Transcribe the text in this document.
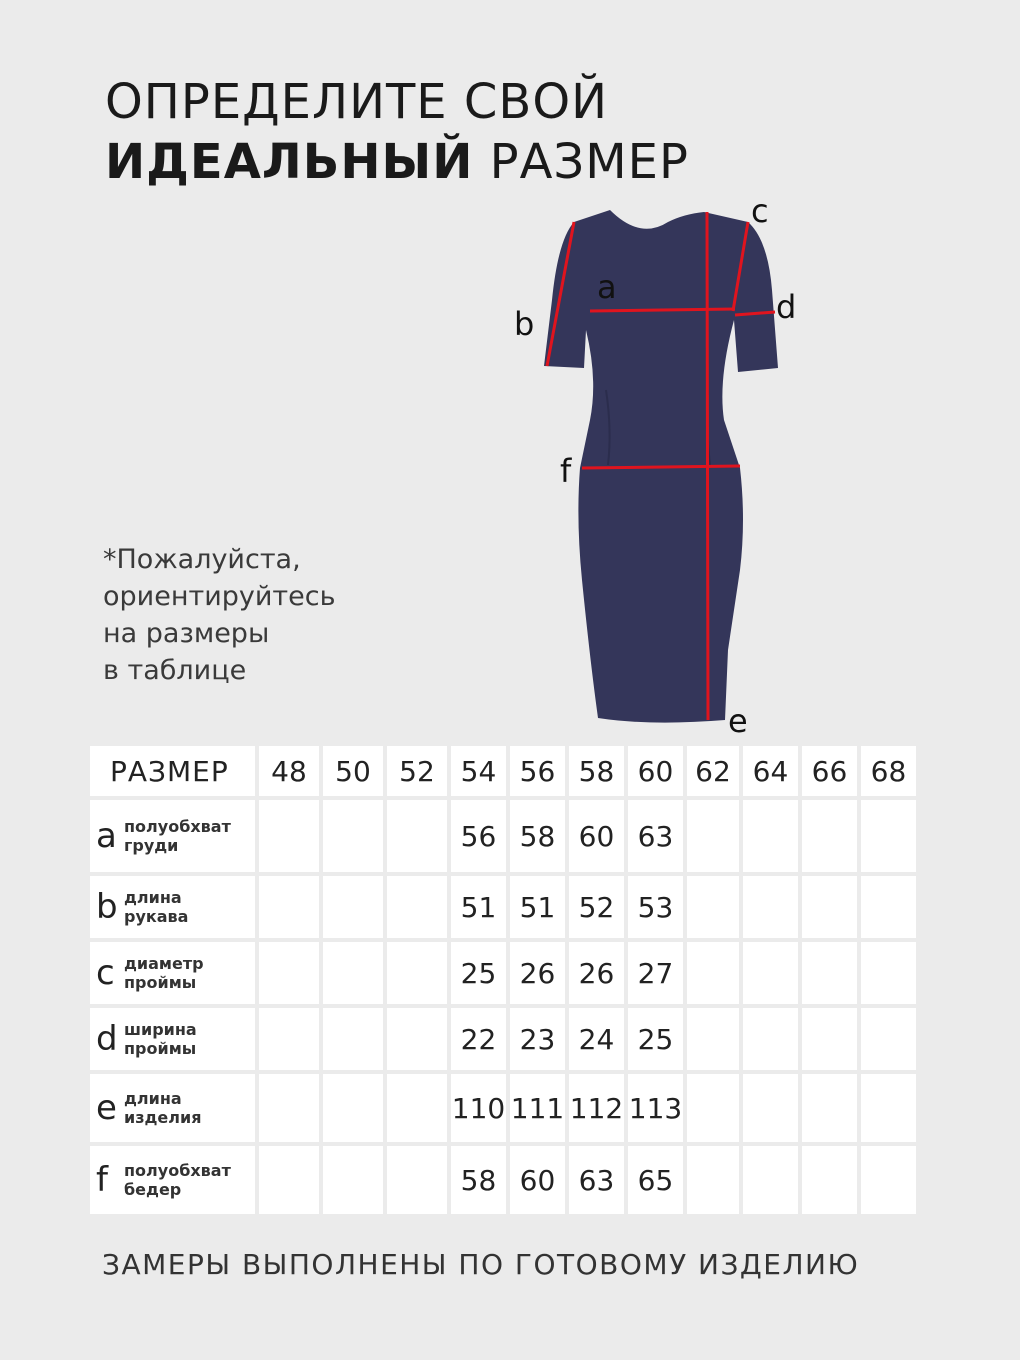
ОПРЕДЕЛИТЕ СВОЙ
ИДЕАЛЬНЫЙ РАЗМЕР
*Пожалуйста,
ориентируйтесь
на размеры
в таблице
a
b
c
d
e
f
РАЗМЕР	48	50	52	54	56	58	60	62	64	66	68

a полуобхват
груди				56	58	60	63				

b длина
рукава				51	51	52	53				

c диаметр
проймы				25	26	26	27				

d ширина
проймы				22	23	24	25				

e длина
изделия				110	111	112	113				

f полуобхват
бедер				58	60	63	65				
ЗАМЕРЫ ВЫПОЛНЕНЫ ПО ГОТОВОМУ ИЗДЕЛИЮ
